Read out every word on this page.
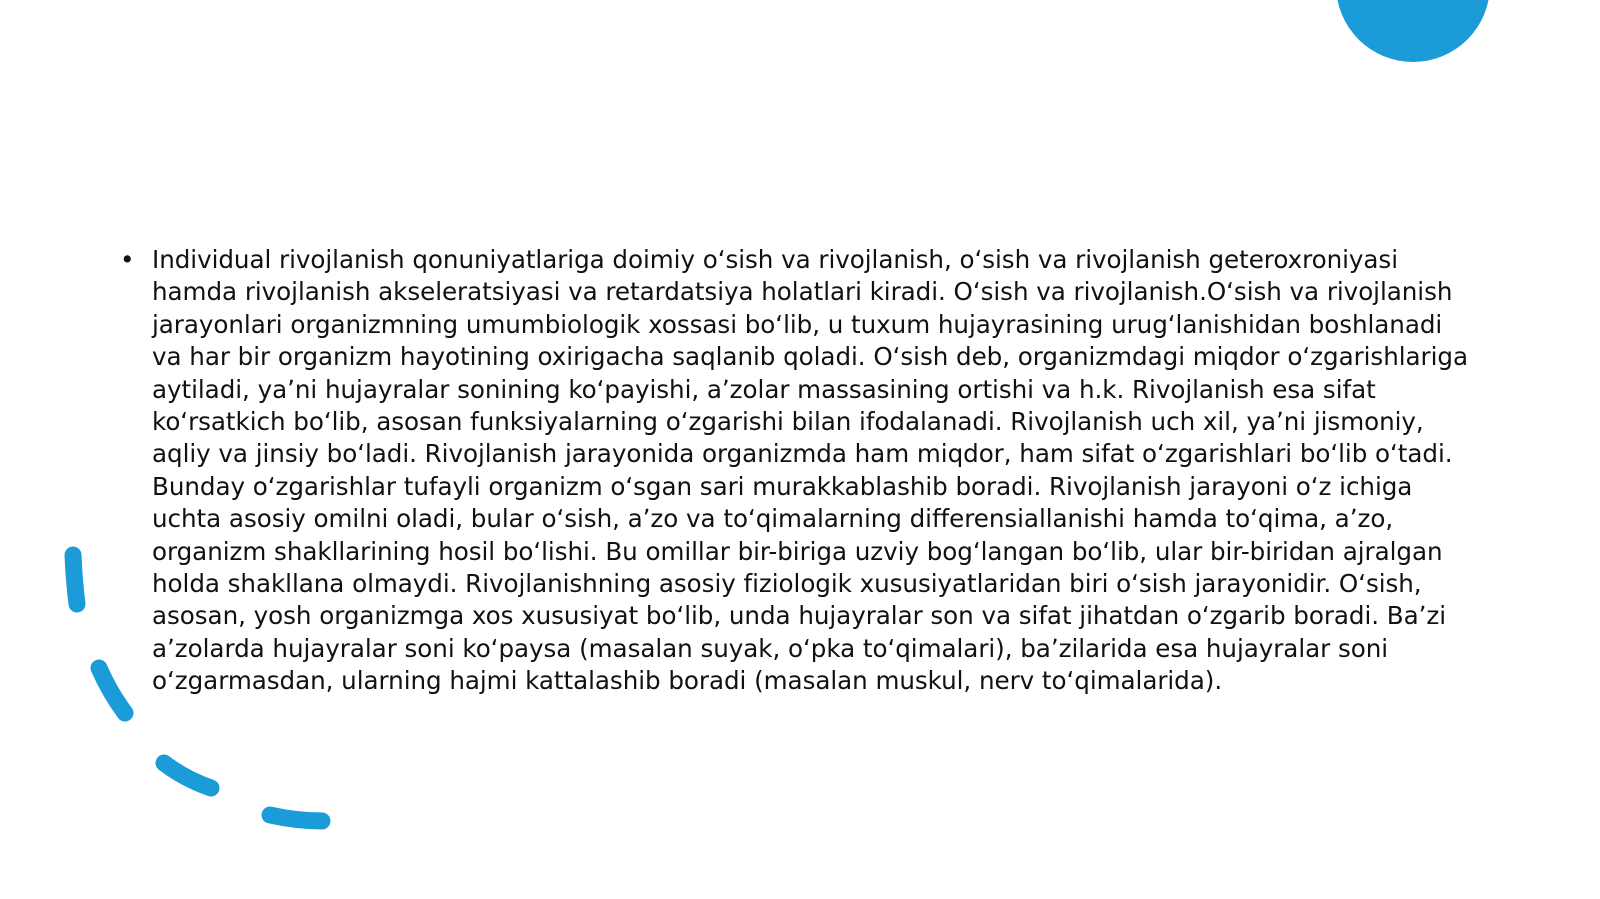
• Individual rivojlanish qonuniyatlariga doimiy oʻsish va rivojlanish, oʻsish va rivojlanish geteroxroniyasi hamda rivojlanish akseleratsiyasi va retardatsiya holatlari kiradi. Oʻsish va rivojlanish.Oʻsish va rivojlanish jarayonlari organizmning umumbiologik xossasi boʻlib, u tuxum hujayrasining urugʻlanishidan boshlanadi va har bir organizm hayotining oxirigacha saqlanib qoladi. Oʻsish deb, organizmdagi miqdor oʻzgarishlariga aytiladi, yaʼni hujayralar sonining koʻpayishi, aʼzolar massasining ortishi va h.k. Rivojlanish esa sifat koʻrsatkich boʻlib, asosan funksiyalarning oʻzgarishi bilan ifodalanadi. Rivojlanish uch xil, yaʼni jismoniy, aqliy va jinsiy boʻladi. Rivojlanish jarayonida organizmda ham miqdor, ham sifat oʻzgarishlari boʻlib oʻtadi. Bunday oʻzgarishlar tufayli organizm oʻsgan sari murakkablashib boradi. Rivojlanish jarayoni oʻz ichiga uchta asosiy omilni oladi, bular oʻsish, aʼzo va toʻqimalarning differensiallanishi hamda toʻqima, aʼzo, organizm shakllarining hosil boʻlishi. Bu omillar bir-biriga uzviy bogʻlangan boʻlib, ular bir-biridan ajralgan holda shakllana olmaydi. Rivojlanishning asosiy fiziologik xususiyatlaridan biri oʻsish jarayonidir. Oʻsish, asosan, yosh organizmga xos xususiyat boʻlib, unda hujayralar son va sifat jihatdan oʻzgarib boradi. Baʼzi aʼzolarda hujayralar soni koʻpaysa (masalan suyak, oʻpka toʻqimalari), baʼzilarida esa hujayralar soni oʻzgarmasdan, ularning hajmi kattalashib boradi (masalan muskul, nerv toʻqimalarida).
